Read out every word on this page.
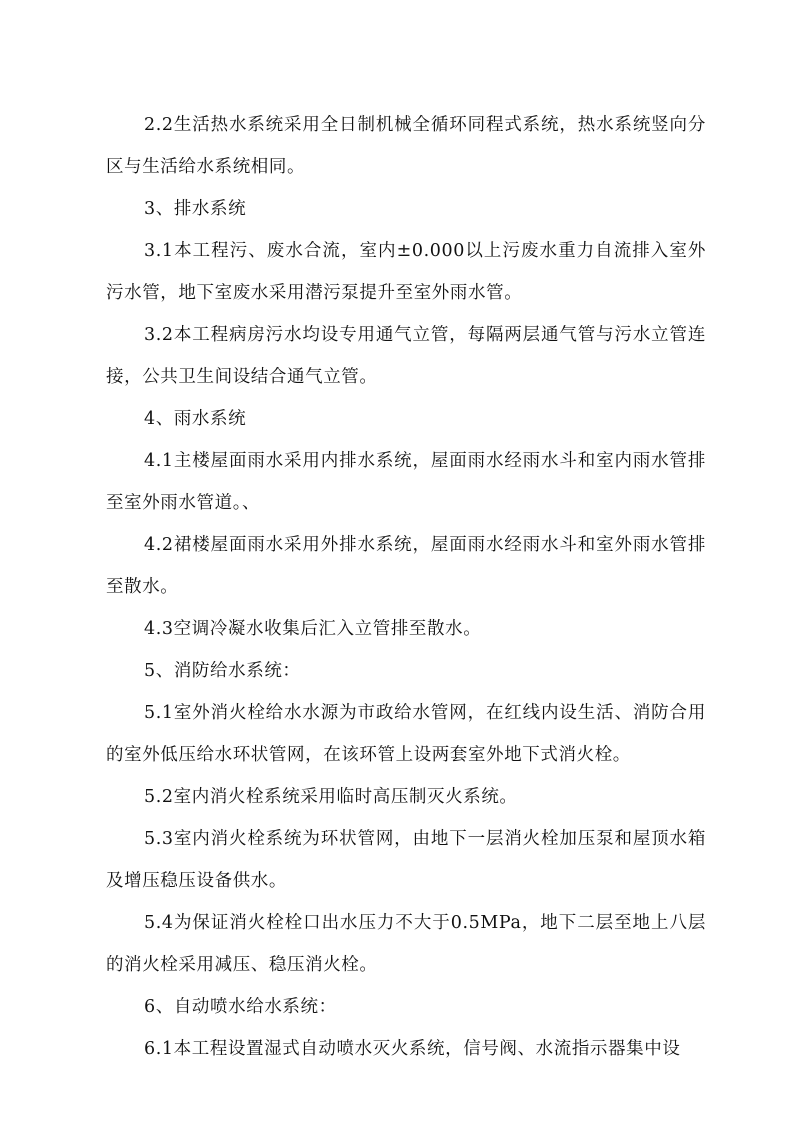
2.2生活热水系统采用全日制机械全循环同程式系统，热水系统竖向分区与生活给水系统相同。

3、排水系统

3.1本工程污、废水合流，室内±0.000以上污废水重力自流排入室外污水管，地下室废水采用潜污泵提升至室外雨水管。

3.2本工程病房污水均设专用通气立管，每隔两层通气管与污水立管连接，公共卫生间设结合通气立管。

4、雨水系统

4.1主楼屋面雨水采用内排水系统，屋面雨水经雨水斗和室内雨水管排至室外雨水管道。、

4.2裙楼屋面雨水采用外排水系统，屋面雨水经雨水斗和室外雨水管排至散水。

4.3空调冷凝水收集后汇入立管排至散水。

5、消防给水系统：

5.1室外消火栓给水水源为市政给水管网，在红线内设生活、消防合用的室外低压给水环状管网，在该环管上设两套室外地下式消火栓。

5.2室内消火栓系统采用临时高压制灭火系统。

5.3室内消火栓系统为环状管网，由地下一层消火栓加压泵和屋顶水箱及增压稳压设备供水。

5.4为保证消火栓栓口出水压力不大于0.5MPa，地下二层至地上八层的消火栓采用减压、稳压消火栓。

6、自动喷水给水系统：

6.1本工程设置湿式自动喷水灭火系统，信号阀、水流指示器集中设
